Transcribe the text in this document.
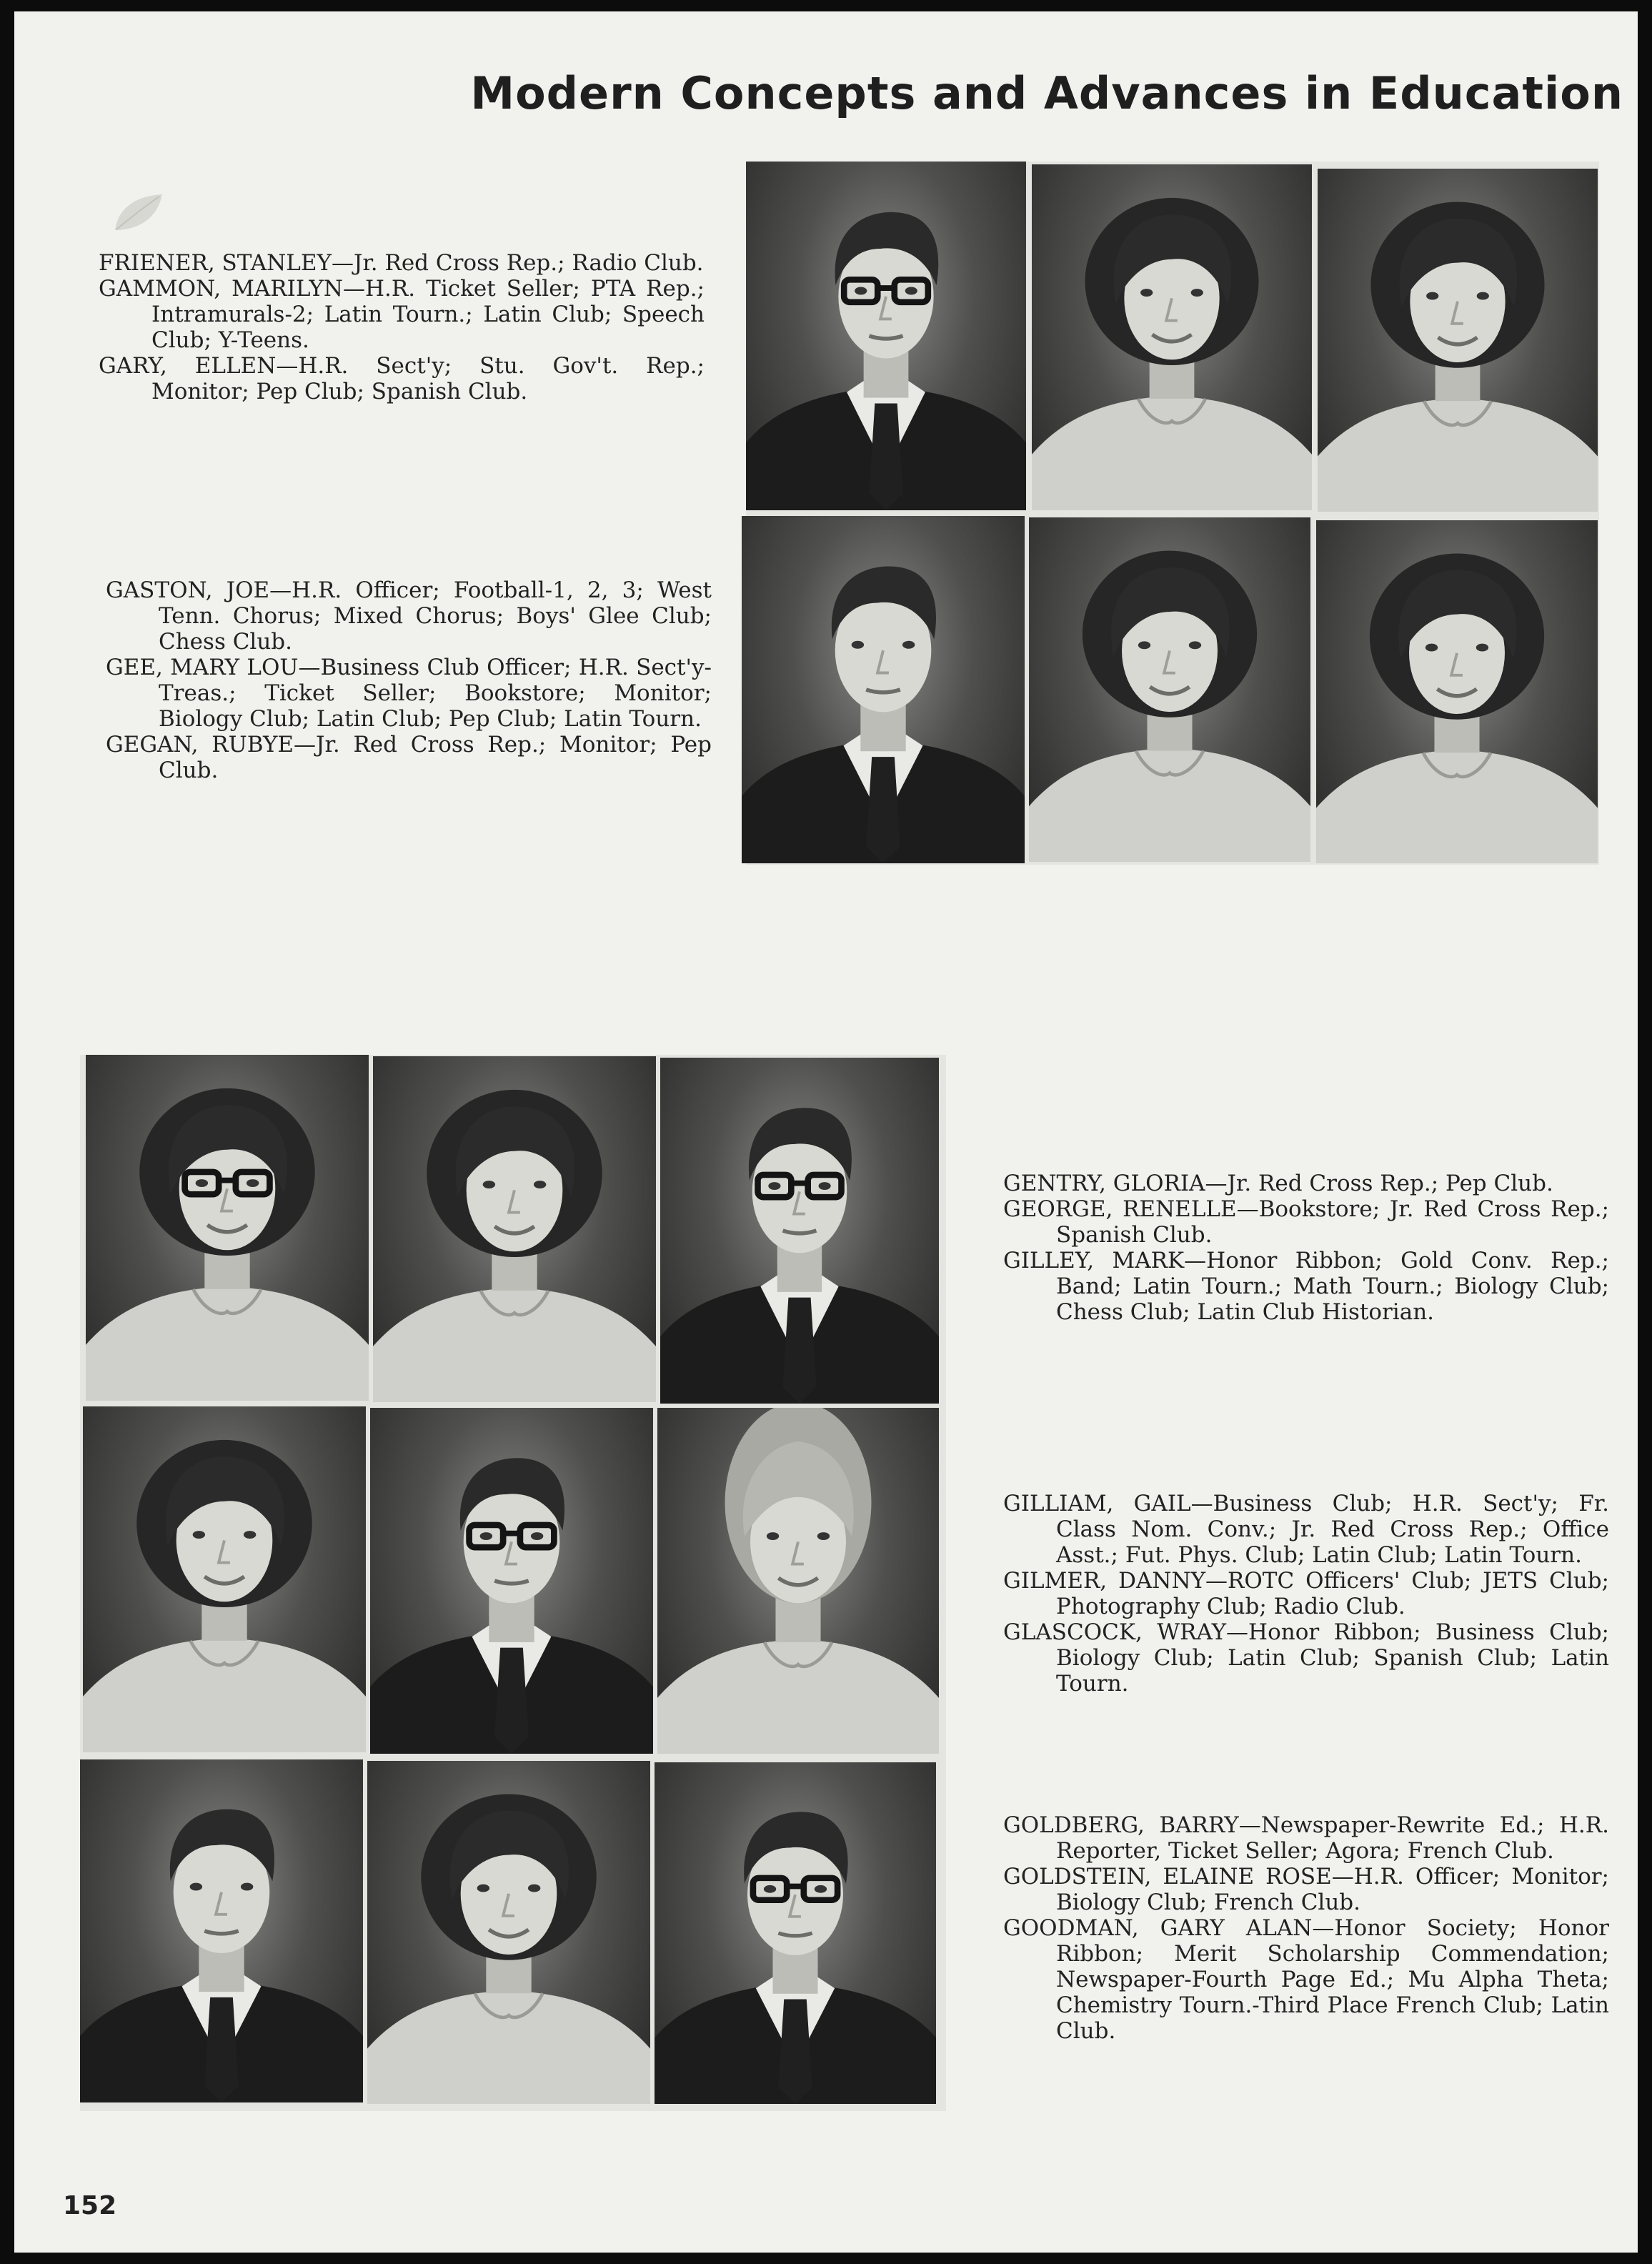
Modern Concepts and Advances in Education

FRIENER, STANLEY—Jr. Red Cross Rep.; Radio Club.

GAMMON, MARILYN—H.R. Ticket Seller; PTA Rep.; Intramurals-2; Latin Tourn.; Latin Club; Speech Club; Y-Teens.

GARY, ELLEN—H.R. Sect'y; Stu. Gov't. Rep.; Monitor; Pep Club; Spanish Club.

GASTON, JOE—H.R. Officer; Football-1, 2, 3; West Tenn. Chorus; Mixed Chorus; Boys' Glee Club; Chess Club.

GEE, MARY LOU—Business Club Officer; H.R. Sect'y-Treas.; Ticket Seller; Bookstore; Monitor; Biology Club; Latin Club; Pep Club; Latin Tourn.

GEGAN, RUBYE—Jr. Red Cross Rep.; Monitor; Pep Club.

GENTRY, GLORIA—Jr. Red Cross Rep.; Pep Club.

GEORGE, RENELLE—Bookstore; Jr. Red Cross Rep.; Spanish Club.

GILLEY, MARK—Honor Ribbon; Gold Conv. Rep.; Band; Latin Tourn.; Math Tourn.; Biology Club; Chess Club; Latin Club Historian.

GILLIAM, GAIL—Business Club; H.R. Sect'y; Fr. Class Nom. Conv.; Jr. Red Cross Rep.; Office Asst.; Fut. Phys. Club; Latin Club; Latin Tourn.

GILMER, DANNY—ROTC Officers' Club; JETS Club; Photography Club; Radio Club.

GLASCOCK, WRAY—Honor Ribbon; Business Club; Biology Club; Latin Club; Spanish Club; Latin Tourn.

GOLDBERG, BARRY—Newspaper-Rewrite Ed.; H.R. Reporter, Ticket Seller; Agora; French Club.

GOLDSTEIN, ELAINE ROSE—H.R. Officer; Monitor; Biology Club; French Club.

GOODMAN, GARY ALAN—Honor Society; Honor Ribbon; Merit Scholarship Commendation; Newspaper-Fourth Page Ed.; Mu Alpha Theta; Chemistry Tourn.-Third Place French Club; Latin Club.

152
